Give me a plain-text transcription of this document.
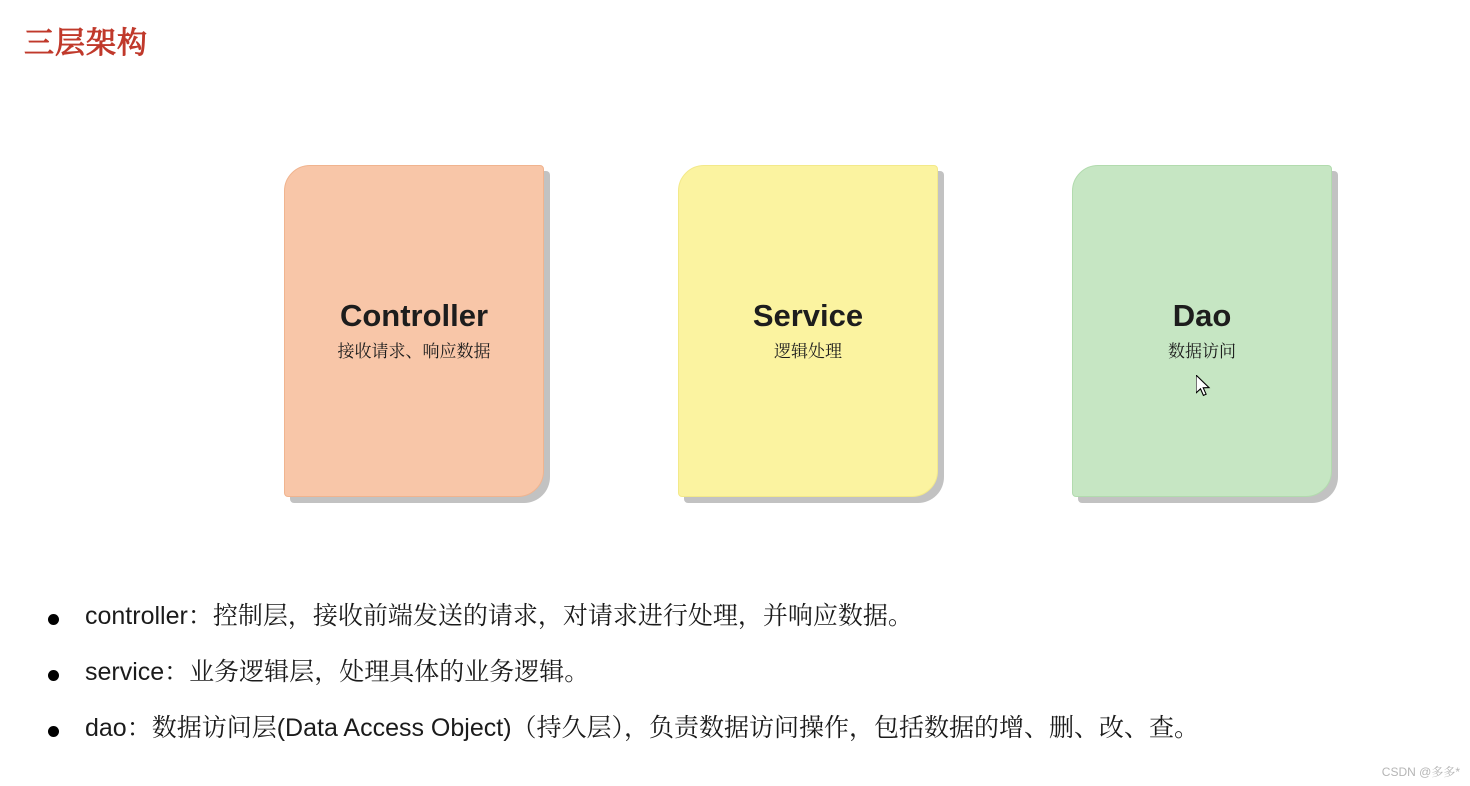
三层架构
Controller
接收请求、响应数据
Service
逻辑处理
Dao
数据访问
controller：控制层，接收前端发送的请求，对请求进行处理，并响应数据。
service：业务逻辑层，处理具体的业务逻辑。
dao：数据访问层(Data Access Object)（持久层），负责数据访问操作，包括数据的增、删、改、查。
CSDN @多多*
